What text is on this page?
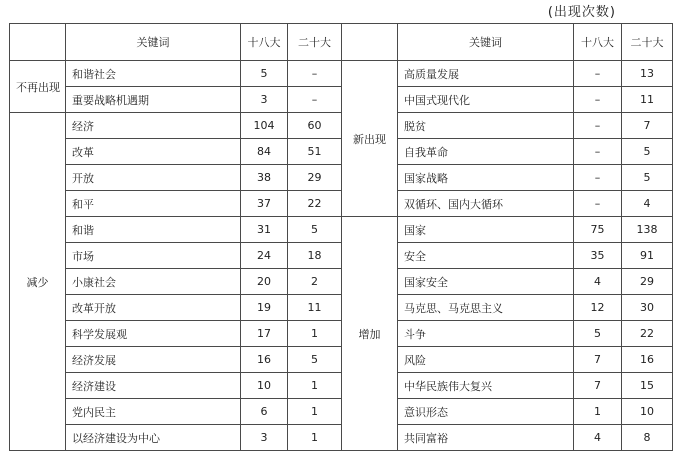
(出现次数)
	关键词	十八大	二十大		关键词	十八大	二十大
不再出现	和谐社会	5	–	新出现	高质量发展	–	13
	重要战略机遇期	3	–		中国式现代化	–	11
减少	经济	104	60		脱贫	–	7
	改革	84	51		自我革命	–	5
	开放	38	29		国家战略	–	5
	和平	37	22		双循环、国内大循环	–	4
	和谐	31	5	增加	国家	75	138
	市场	24	18		安全	35	91
	小康社会	20	2		国家安全	4	29
	改革开放	19	11		马克思、马克思主义	12	30
	科学发展观	17	1		斗争	5	22
	经济发展	16	5		风险	7	16
	经济建设	10	1		中华民族伟大复兴	7	15
	党内民主	6	1		意识形态	1	10
	以经济建设为中心	3	1		共同富裕	4	8
